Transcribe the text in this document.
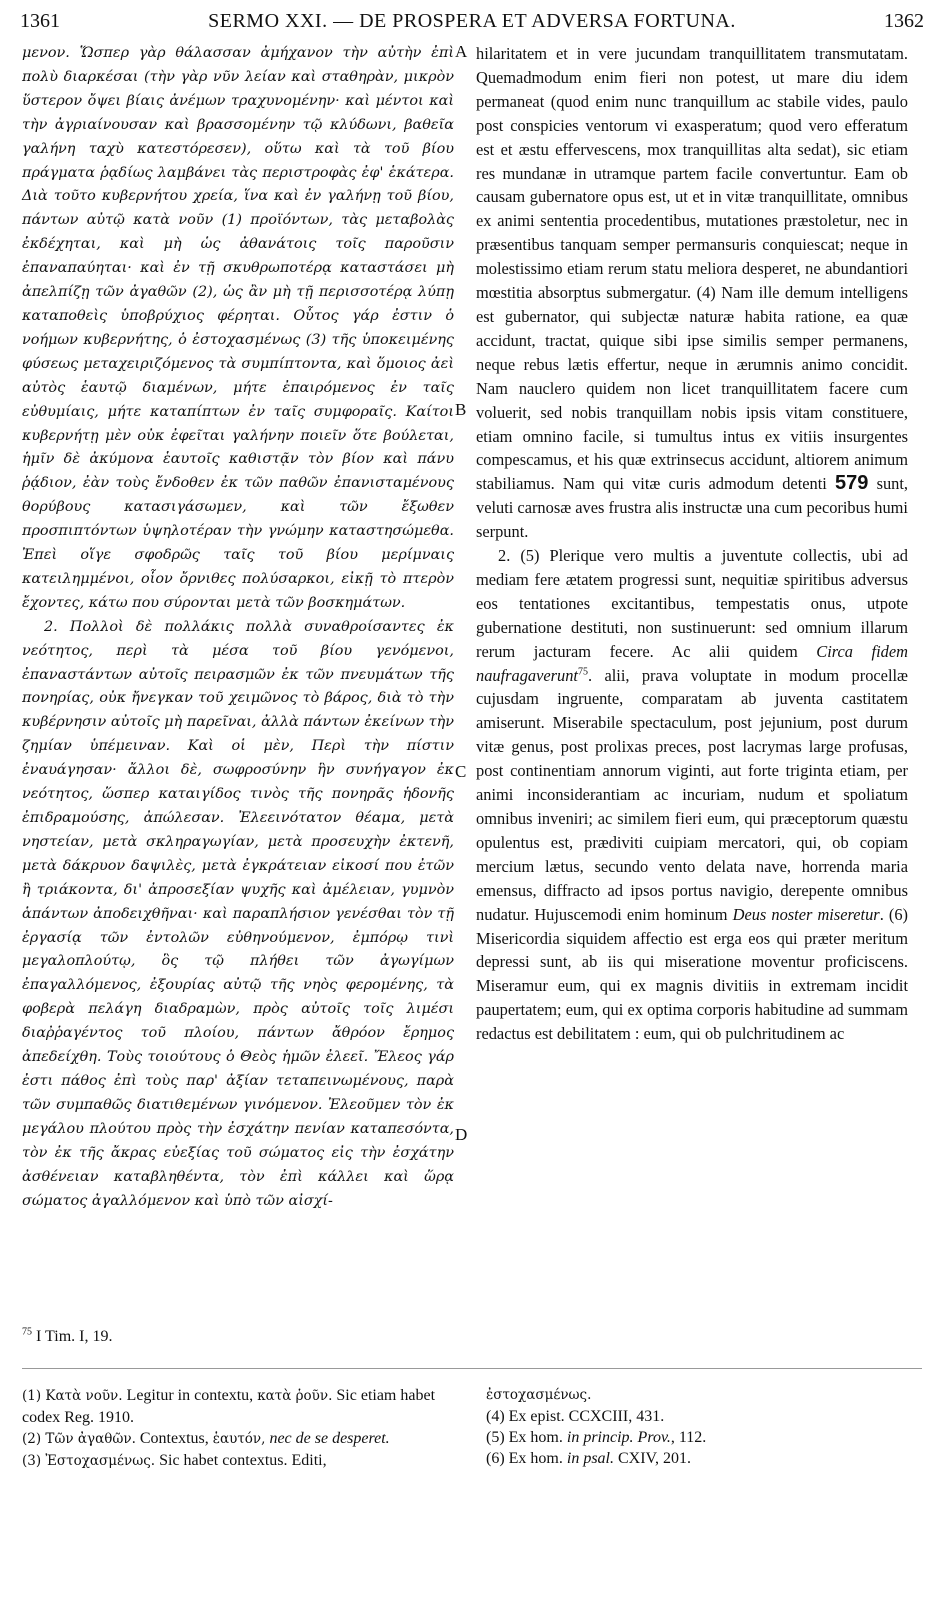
1361	SERMO XXI. — DE PROSPERA ET ADVERSA FORTUNA.	1362

μενον. Ὥσπερ γὰρ θάλασσαν ἀμήχανον τὴν αὐτὴν ἐπὶ πολὺ διαρκέσαι (τὴν γὰρ νῦν λείαν καὶ σταθηρὰν, μικρὸν ὕστερον ὄψει βίαις ἀνέμων τραχυνομένην· καὶ μέντοι καὶ τὴν ἀγριαίνουσαν καὶ βρασσομένην τῷ κλύδωνι, βαθεῖα γαλήνη ταχὺ κατεστόρεσεν), οὕτω καὶ τὰ τοῦ βίου πράγματα ῥᾳδίως λαμβάνει τὰς περιστροφὰς ἐφ' ἑκάτερα. Διὰ τοῦτο κυβερνήτου χρεία, ἵνα καὶ ἐν γαλήνῃ τοῦ βίου, πάντων αὐτῷ κατὰ νοῦν (1) προϊόντων, τὰς μεταβολὰς ἐκδέχηται, καὶ μὴ ὡς ἀθανάτοις τοῖς παροῦσιν ἐπαναπαύηται· καὶ ἐν τῇ σκυθρωποτέρᾳ καταστάσει μὴ ἀπελπίζῃ τῶν ἀγαθῶν (2), ὡς ἂν μὴ τῇ περισσοτέρᾳ λύπῃ καταποθεὶς ὑποβρύχιος φέρηται. Οὗτος γάρ ἐστιν ὁ νοήμων κυβερνήτης, ὁ ἐστοχασμένως (3) τῆς ὑποκειμένης φύσεως μεταχειριζόμενος τὰ συμπίπτοντα, καὶ ὅμοιος ἀεὶ αὐτὸς ἑαυτῷ διαμένων, μήτε ἐπαιρόμενος ἐν ταῖς εὐθυμίαις, μήτε καταπίπτων ἐν ταῖς συμφοραῖς. Καίτοι κυβερνήτῃ μὲν οὐκ ἐφεῖται γαλήνην ποιεῖν ὅτε βούλεται, ἡμῖν δὲ ἀκύμονα ἑαυτοῖς καθιστᾷν τὸν βίον καὶ πάνυ ῥᾴδιον, ἐὰν τοὺς ἔνδοθεν ἐκ τῶν παθῶν ἐπανισταμένους θορύβους κατασιγάσωμεν, καὶ τῶν ἔξωθεν προσπιπτόντων ὑψηλοτέραν τὴν γνώμην καταστησώμεθα. Ἐπεὶ οἵγε σφοδρῶς ταῖς τοῦ βίου μερίμναις κατειλημμένοι, οἷον ὄρνιθες πολύσαρκοι, εἰκῇ τὸ πτερὸν ἔχοντες, κάτω που σύρονται μετὰ τῶν βοσκημάτων.

2. Πολλοὶ δὲ πολλάκις πολλὰ συναθροίσαντες ἐκ νεότητος, περὶ τὰ μέσα τοῦ βίου γενόμενοι, ἐπαναστάντων αὐτοῖς πειρασμῶν ἐκ τῶν πνευμάτων τῆς πονηρίας, οὐκ ἤνεγκαν τοῦ χειμῶνος τὸ βάρος, διὰ τὸ τὴν κυβέρνησιν αὐτοῖς μὴ παρεῖναι, ἀλλὰ πάντων ἐκείνων τὴν ζημίαν ὑπέμειναν. Καὶ οἱ μὲν, Περὶ τὴν πίστιν ἐναυάγησαν· ἄλλοι δὲ, σωφροσύνην ἣν συνήγαγον ἐκ νεότητος, ὥσπερ καταιγίδος τινὸς τῆς πονηρᾶς ἡδονῆς ἐπιδραμούσης, ἀπώλεσαν. Ἐλεεινότατον θέαμα, μετὰ νηστείαν, μετὰ σκληραγωγίαν, μετὰ προσευχὴν ἐκτενῆ, μετὰ δάκρυον δαψιλὲς, μετὰ ἐγκράτειαν εἰκοσί που ἐτῶν ἢ τριάκοντα, δι' ἀπροσεξίαν ψυχῆς καὶ ἀμέλειαν, γυμνὸν ἁπάντων ἀποδειχθῆναι· καὶ παραπλήσιον γενέσθαι τὸν τῇ ἐργασίᾳ τῶν ἐντολῶν εὐθηνούμενον, ἐμπόρῳ τινὶ μεγαλοπλούτῳ, ὃς τῷ πλήθει τῶν ἀγωγίμων ἐπαγαλλόμενος, ἐξουρίας αὐτῷ τῆς νηὸς φερομένης, τὰ φοβερὰ πελάγη διαδραμὼν, πρὸς αὐτοῖς τοῖς λιμέσι διαῤῥαγέντος τοῦ πλοίου, πάντων ἄθρόον ἔρημος ἀπεδείχθη. Τοὺς τοιούτους ὁ Θεὸς ἡμῶν ἐλεεῖ. Ἔλεος γάρ ἐστι πάθος ἐπὶ τοὺς παρ' ἀξίαν τεταπεινωμένους, παρὰ τῶν συμπαθῶς διατιθεμένων γινόμενον. Ἐλεοῦμεν τὸν ἐκ μεγάλου πλούτου πρὸς τὴν ἐσχάτην πενίαν καταπεσόντα, τὸν ἐκ τῆς ἄκρας εὐεξίας τοῦ σώματος εἰς τὴν ἐσχάτην ἀσθένειαν καταβληθέντα, τὸν ἐπὶ κάλλει καὶ ὥρᾳ σώματος ἀγαλλόμενον καὶ ὑπὸ τῶν αἰσχί-

A
B
C
D

hilaritatem et in vere jucundam tranquillitatem transmutatam. Quemadmodum enim fieri non potest, ut mare diu idem permaneat (quod enim nunc tranquillum ac stabile vides, paulo post conspicies ventorum vi exasperatum; quod vero efferatum est et æstu effervescens, mox tranquillitas alta sedat), sic etiam res mundanæ in utramque partem facile convertuntur. Eam ob causam gubernatore opus est, ut et in vitæ tranquillitate, omnibus ex animi sententia procedentibus, mutationes præstoletur, nec in præsentibus tanquam semper permansuris conquiescat; neque in molestissimo etiam rerum statu meliora desperet, ne abundantiori mœstitia absorptus submergatur. (4) Nam ille demum intelligens est gubernator, qui subjectæ naturæ habita ratione, ea quæ accidunt, tractat, quique sibi ipse similis semper permanens, neque rebus lætis effertur, neque in ærumnis animo concidit. Nam nauclero quidem non licet tranquillitatem facere cum voluerit, sed nobis tranquillam nobis ipsis vitam constituere, etiam omnino facile, si tumultus intus ex vitiis insurgentes compescamus, et his quæ extrinsecus accidunt, altiorem animum stabiliamus. Nam qui vitæ curis admodum detenti 579 sunt, veluti carnosæ aves frustra alis instructæ una cum pecoribus humi serpunt.

2. (5) Plerique vero multis a juventute collectis, ubi ad mediam fere ætatem progressi sunt, nequitiæ spiritibus adversus eos tentationes excitantibus, tempestatis onus, utpote gubernatione destituti, non sustinuerunt: sed omnium illarum rerum jacturam fecere. Ac alii quidem Circa fidem naufragaverunt$^{75}$. alii, prava voluptate in modum procellæ cujusdam ingruente, comparatam ab juventa castitatem amiserunt. Miserabile spectaculum, post jejunium, post durum vitæ genus, post prolixas preces, post lacrymas large profusas, post continentiam annorum viginti, aut forte triginta etiam, per animi inconsiderantiam ac incuriam, nudum et spoliatum omnibus inveniri; ac similem fieri eum, qui præceptorum quæstu opulentus est, prædiviti cuipiam mercatori, qui, ob copiam mercium lætus, secundo vento delata nave, horrenda maria emensus, diffracto ad ipsos portus navigio, derepente omnibus nudatur. Hujuscemodi enim hominum Deus noster miseretur. (6) Misericordia siquidem affectio est erga eos qui præter meritum depressi sunt, ab iis qui miseratione moventur proficiscens. Miseramur eum, qui ex magnis divitiis in extremam incidit paupertatem; eum, qui ex optima corporis habitudine ad summam redactus est debilitatem : eum, qui ob pulchritudinem ac

$^{75}$ I Tim. I, 19.
(1) Κατὰ νοῦν. Legitur in contextu, κατὰ ῥοῦν. Sic etiam habet codex Reg. 1910.
(2) Τῶν ἀγαθῶν. Contextus, ἑαυτόν, nec de se desperet.
(3) Ἐστοχασμένως. Sic habet contextus. Editi,
ἐστοχασμένως.
(4) Ex epist. CCXCIII, 431.
(5) Ex hom. in princip. Prov., 112.
(6) Ex hom. in psal. CXIV, 201.
